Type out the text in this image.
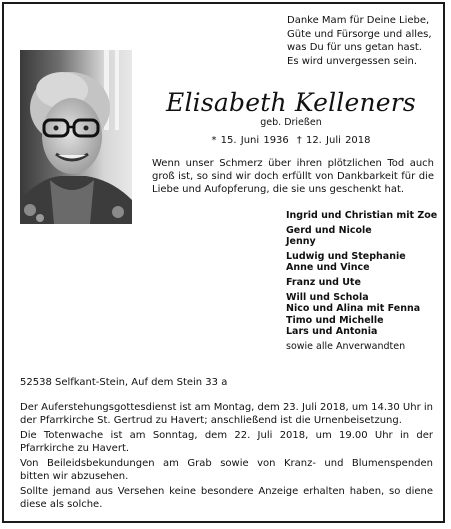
Danke Mam für Deine Liebe,
Güte und Fürsorge und alles,
was Du für uns getan hast.
Es wird unvergessen sein.
Elisabeth Kelleners
geb. Drießen
* 15. Juni 1936 † 12. Juli 2018
Wenn unser Schmerz über ihren plötzlichen Tod auch
groß ist, so sind wir doch erfüllt von Dankbarkeit für die
Liebe und Aufopferung, die sie uns geschenkt hat.
Ingrid und Christian mit Zoe
Gerd und Nicole
Jenny
Ludwig und Stephanie
Anne und Vince
Franz und Ute
Will und Schola
Nico und Alina mit Fenna
Timo und Michelle
Lars und Antonia
sowie alle Anverwandten
52538 Selfkant-Stein, Auf dem Stein 33 a

Der Auferstehungsgottesdienst ist am Montag, dem 23. Juli 2018, um 14.30 Uhr in
der Pfarrkirche St. Gertrud zu Havert; anschließend ist die Urnenbeisetzung.

Die Totenwache ist am Sonntag, dem 22. Juli 2018, um 19.00 Uhr in der
Pfarrkirche zu Havert.

Von Beileidsbekundungen am Grab sowie von Kranz- und Blumenspenden
bitten wir abzusehen.

Sollte jemand aus Versehen keine besondere Anzeige erhalten haben, so diene
diese als solche.
